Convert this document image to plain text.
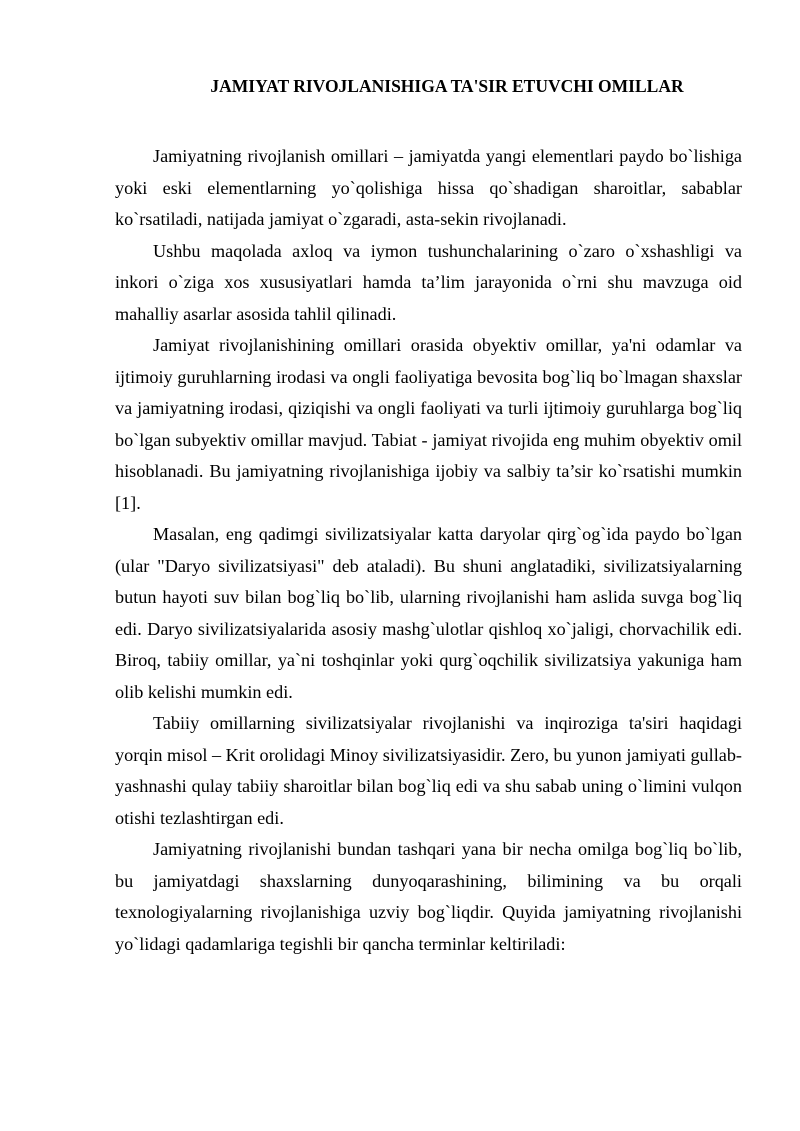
JAMIYAT RIVOJLANISHIGA TA'SIR ETUVCHI OMILLAR

Jamiyatning rivojlanish omillari – jamiyatda yangi elementlari paydo bo`lishiga yoki eski elementlarning yo`qolishiga hissa qo`shadigan sharoitlar, sabablar ko`rsatiladi, natijada jamiyat o`zgaradi, asta-sekin rivojlanadi.

Ushbu maqolada axloq va iymon tushunchalarining o`zaro o`xshashligi va inkori o`ziga xos xususiyatlari hamda ta’lim jarayonida o`rni shu mavzuga oid mahalliy asarlar asosida tahlil qilinadi.

Jamiyat rivojlanishining omillari orasida obyektiv omillar, ya'ni odamlar va ijtimoiy guruhlarning irodasi va ongli faoliyatiga bevosita bog`liq bo`lmagan shaxslar va jamiyatning irodasi, qiziqishi va ongli faoliyati va turli ijtimoiy guruhlarga bog`liq bo`lgan subyektiv omillar mavjud. Tabiat - jamiyat rivojida eng muhim obyektiv omil hisoblanadi. Bu jamiyatning rivojlanishiga ijobiy va salbiy ta’sir ko`rsatishi mumkin [1].

Masalan, eng qadimgi sivilizatsiyalar katta daryolar qirg`og`ida paydo bo`lgan (ular "Daryo sivilizatsiyasi" deb ataladi). Bu shuni anglatadiki, sivilizatsiyalarning butun hayoti suv bilan bog`liq bo`lib, ularning rivojlanishi ham aslida suvga bog`liq edi. Daryo sivilizatsiyalarida asosiy mashg`ulotlar qishloq xo`jaligi, chorvachilik edi. Biroq, tabiiy omillar, ya`ni toshqinlar yoki qurg`oqchilik sivilizatsiya yakuniga ham olib kelishi mumkin edi.

Tabiiy omillarning sivilizatsiyalar rivojlanishi va inqiroziga ta'siri haqidagi yorqin misol – Krit orolidagi Minoy sivilizatsiyasidir. Zero, bu yunon jamiyati gullab-yashnashi qulay tabiiy sharoitlar bilan bog`liq edi va shu sabab uning o`limini vulqon otishi tezlashtirgan edi.

Jamiyatning rivojlanishi bundan tashqari yana bir necha omilga bog`liq bo`lib, bu jamiyatdagi shaxslarning dunyoqarashining, bilimining va bu orqali texnologiyalarning rivojlanishiga uzviy bog`liqdir. Quyida jamiyatning rivojlanishi yo`lidagi qadamlariga tegishli bir qancha terminlar keltiriladi:
